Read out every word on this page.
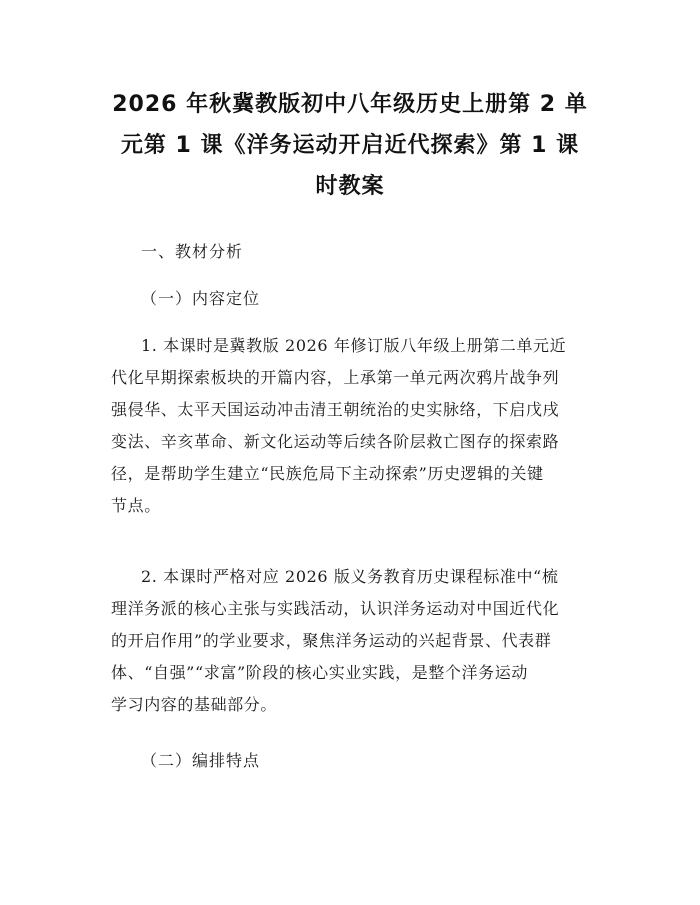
2026 年秋冀教版初中八年级历史上册第 2 单
元第 1 课《洋务运动开启近代探索》第 1 课
时教案
一、教材分析
（一）内容定位
1. 本课时是冀教版 2026 年修订版八年级上册第二单元近
代化早期探索板块的开篇内容，上承第一单元两次鸦片战争列
强侵华、太平天国运动冲击清王朝统治的史实脉络，下启戊戌
变法、辛亥革命、新文化运动等后续各阶层救亡图存的探索路
径，是帮助学生建立“民族危局下主动探索”历史逻辑的关键
节点。
2. 本课时严格对应 2026 版义务教育历史课程标准中“梳
理洋务派的核心主张与实践活动，认识洋务运动对中国近代化
的开启作用”的学业要求，聚焦洋务运动的兴起背景、代表群
体、“自强”“求富”阶段的核心实业实践，是整个洋务运动
学习内容的基础部分。
（二）编排特点
